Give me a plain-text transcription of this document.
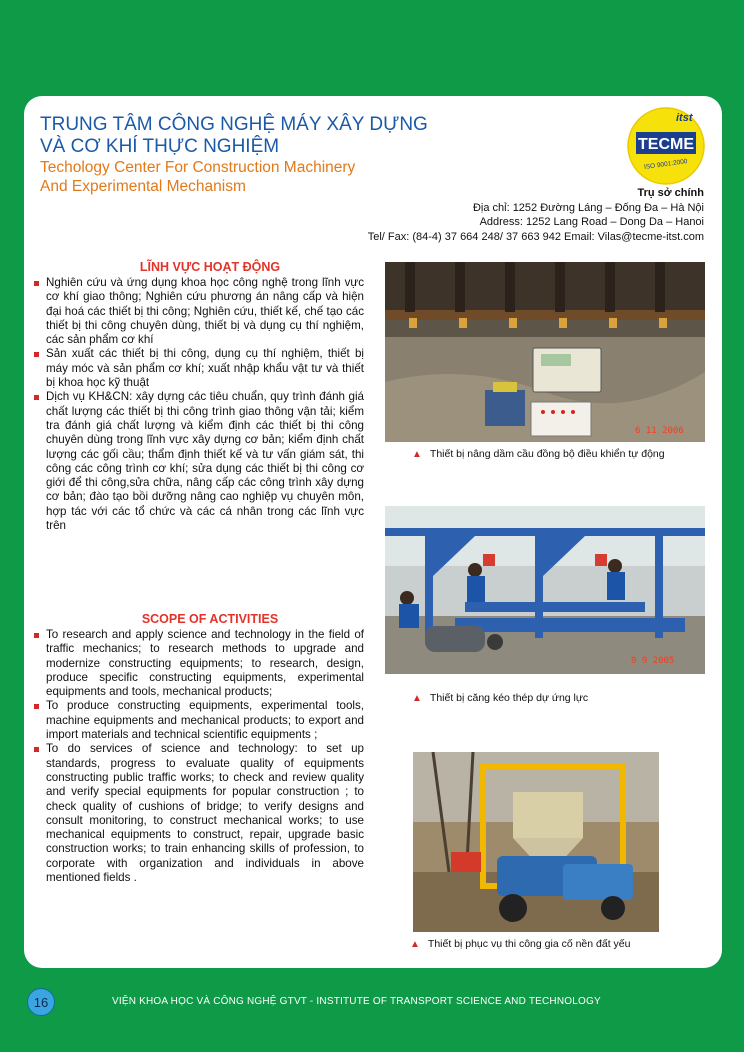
TRUNG TÂM CÔNG NGHỆ MÁY XÂY DỰNG
VÀ CƠ KHÍ THỰC NGHIỆM
Techology Center For Construction Machinery
And Experimental Mechanism
itst
TECME
ISO 9001:2000
Trụ sở chính
Địa chỉ: 1252 Đường Láng – Đống Đa – Hà Nội
Address: 1252 Lang Road – Dong Da – Hanoi
Tel/ Fax: (84-4) 37 664 248/ 37 663 942 Email: Vilas@tecme-itst.com
LĨNH VỰC HOẠT ĐỘNG
Nghiên cứu và ứng dụng khoa học công nghệ trong lĩnh vực cơ khí giao thông; Nghiên cứu phương án nâng cấp và hiện đại hoá các thiết bị thi công; Nghiên cứu, thiết kế, chế tạo các thiết bị thi công chuyên dùng, thiết bị và dụng cụ thí nghiệm, các sản phẩm cơ khí
Sản xuất các thiết bị thi công, dụng cụ thí nghiệm, thiết bị máy móc và sản phẩm cơ khí; xuất nhập khẩu vật tư và thiết bị khoa học kỹ thuật
Dịch vụ KH&CN: xây dựng các tiêu chuẩn, quy trình đánh giá chất lượng các thiết bị thi công trình giao thông vận tải; kiểm tra đánh giá chất lượng và kiểm định các thiết bị thi công chuyên dùng trong lĩnh vực xây dựng cơ bản; kiểm định chất lượng các gối cầu; thẩm định thiết kế và tư vấn giám sát, thi công các công trình cơ khí; sửa dụng các thiết bị thi công cơ giới để thi công,sửa chữa, nâng cấp các công trình xây dựng cơ bản; đào tạo bồi dưỡng nâng cao nghiệp vụ chuyên môn, hợp tác với các tổ chức và các cá nhân trong các lĩnh vực trên
SCOPE OF ACTIVITIES
To research and apply science and technology in the field of traffic mechanics; to research methods to upgrade and modernize constructing equipments; to research, design, produce specific constructing equipments, experimental equipments and tools, mechanical products;
To produce constructing equipments, experimental tools, machine equipments and mechanical products; to export and import materials and technical scientific equipments ;
To do services of science and technology: to set up standards, progress to evaluate quality of equipments constructing public traffic works; to check and review quality and verify special equipments for popular construction ; to check quality of cushions of bridge; to verify designs and consult monitoring, to construct mechanical works; to use mechanical equipments to construct, repair, upgrade basic construction works; to train enhancing skills of profession, to corporate with organization and individuals in above mentioned fields .
6 11 2006
▲ Thiết bị nâng dầm cầu đồng bộ điều khiển tự động
9 9 2005
▲ Thiết bị căng kéo thép dự ứng lực
▲ Thiết bị phục vụ thi công gia cố nền đất yếu
16	VIỆN KHOA HỌC VÀ CÔNG NGHỆ GTVT - INSTITUTE OF TRANSPORT SCIENCE AND TECHNOLOGY
